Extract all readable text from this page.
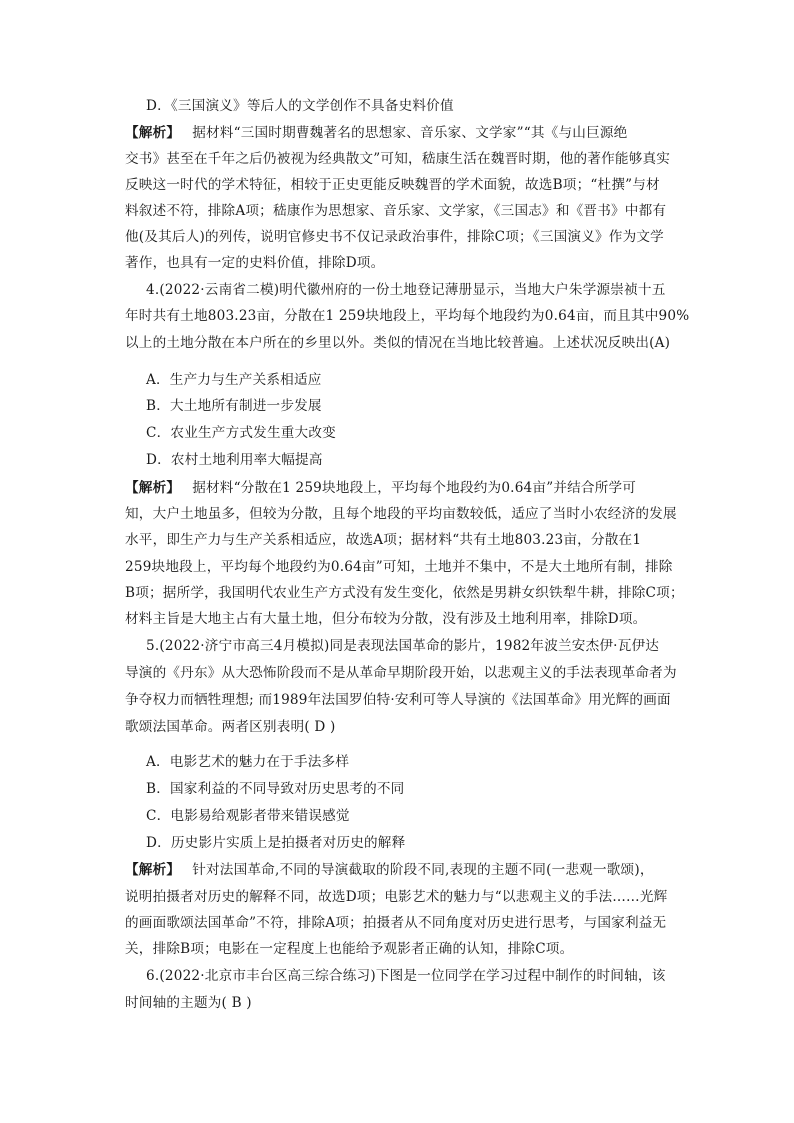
D．《三国演义》等后人的文学创作不具备史料价值
【解析】 据材料“三国时期曹魏著名的思想家、音乐家、文学家”“其《与山巨源绝
交书》甚至在千年之后仍被视为经典散文”可知，嵇康生活在魏晋时期，他的著作能够真实
反映这一时代的学术特征，相较于正史更能反映魏晋的学术面貌，故选B项；“杜撰”与材
料叙述不符，排除A项；嵇康作为思想家、音乐家、文学家，《三国志》和《晋书》中都有
他(及其后人)的列传，说明官修史书不仅记录政治事件，排除C项；《三国演义》作为文学
著作，也具有一定的史料价值，排除D项。
4.(2022·云南省二模)明代徽州府的一份土地登记薄册显示，当地大户朱学源崇祯十五
年时共有土地803.23亩，分散在1 259块地段上，平均每个地段约为0.64亩，而且其中90%
以上的土地分散在本户所在的乡里以外。类似的情况在当地比较普遍。上述状况反映出(A)
A．生产力与生产关系相适应
B．大土地所有制进一步发展
C．农业生产方式发生重大改变
D．农村土地利用率大幅提高
【解析】 据材料“分散在1 259块地段上，平均每个地段约为0.64亩”并结合所学可
知，大户土地虽多，但较为分散，且每个地段的平均亩数较低，适应了当时小农经济的发展
水平，即生产力与生产关系相适应，故选A项；据材料“共有土地803.23亩，分散在1
259块地段上，平均每个地段约为0.64亩”可知，土地并不集中，不是大土地所有制，排除
B项；据所学，我国明代农业生产方式没有发生变化，依然是男耕女织铁犁牛耕，排除C项；
材料主旨是大地主占有大量土地，但分布较为分散，没有涉及土地利用率，排除D项。
5.(2022·济宁市高三4月模拟)同是表现法国革命的影片，1982年波兰安杰伊·瓦伊达
导演的《丹东》从大恐怖阶段而不是从革命早期阶段开始，以悲观主义的手法表现革命者为
争夺权力而牺牲理想; 而1989年法国罗伯特·安利可等人导演的《法国革命》用光辉的画面
歌颂法国革命。两者区别表明( D )
A．电影艺术的魅力在于手法多样
B．国家利益的不同导致对历史思考的不同
C．电影易给观影者带来错误感觉
D．历史影片实质上是拍摄者对历史的解释
【解析】 针对法国革命,不同的导演截取的阶段不同,表现的主题不同(一悲观一歌颂)，
说明拍摄者对历史的解释不同，故选D项；电影艺术的魅力与“以悲观主义的手法……光辉
的画面歌颂法国革命”不符，排除A项；拍摄者从不同角度对历史进行思考，与国家利益无
关，排除B项；电影在一定程度上也能给予观影者正确的认知，排除C项。
6.(2022·北京市丰台区高三综合练习)下图是一位同学在学习过程中制作的时间轴，该
时间轴的主题为( B )
